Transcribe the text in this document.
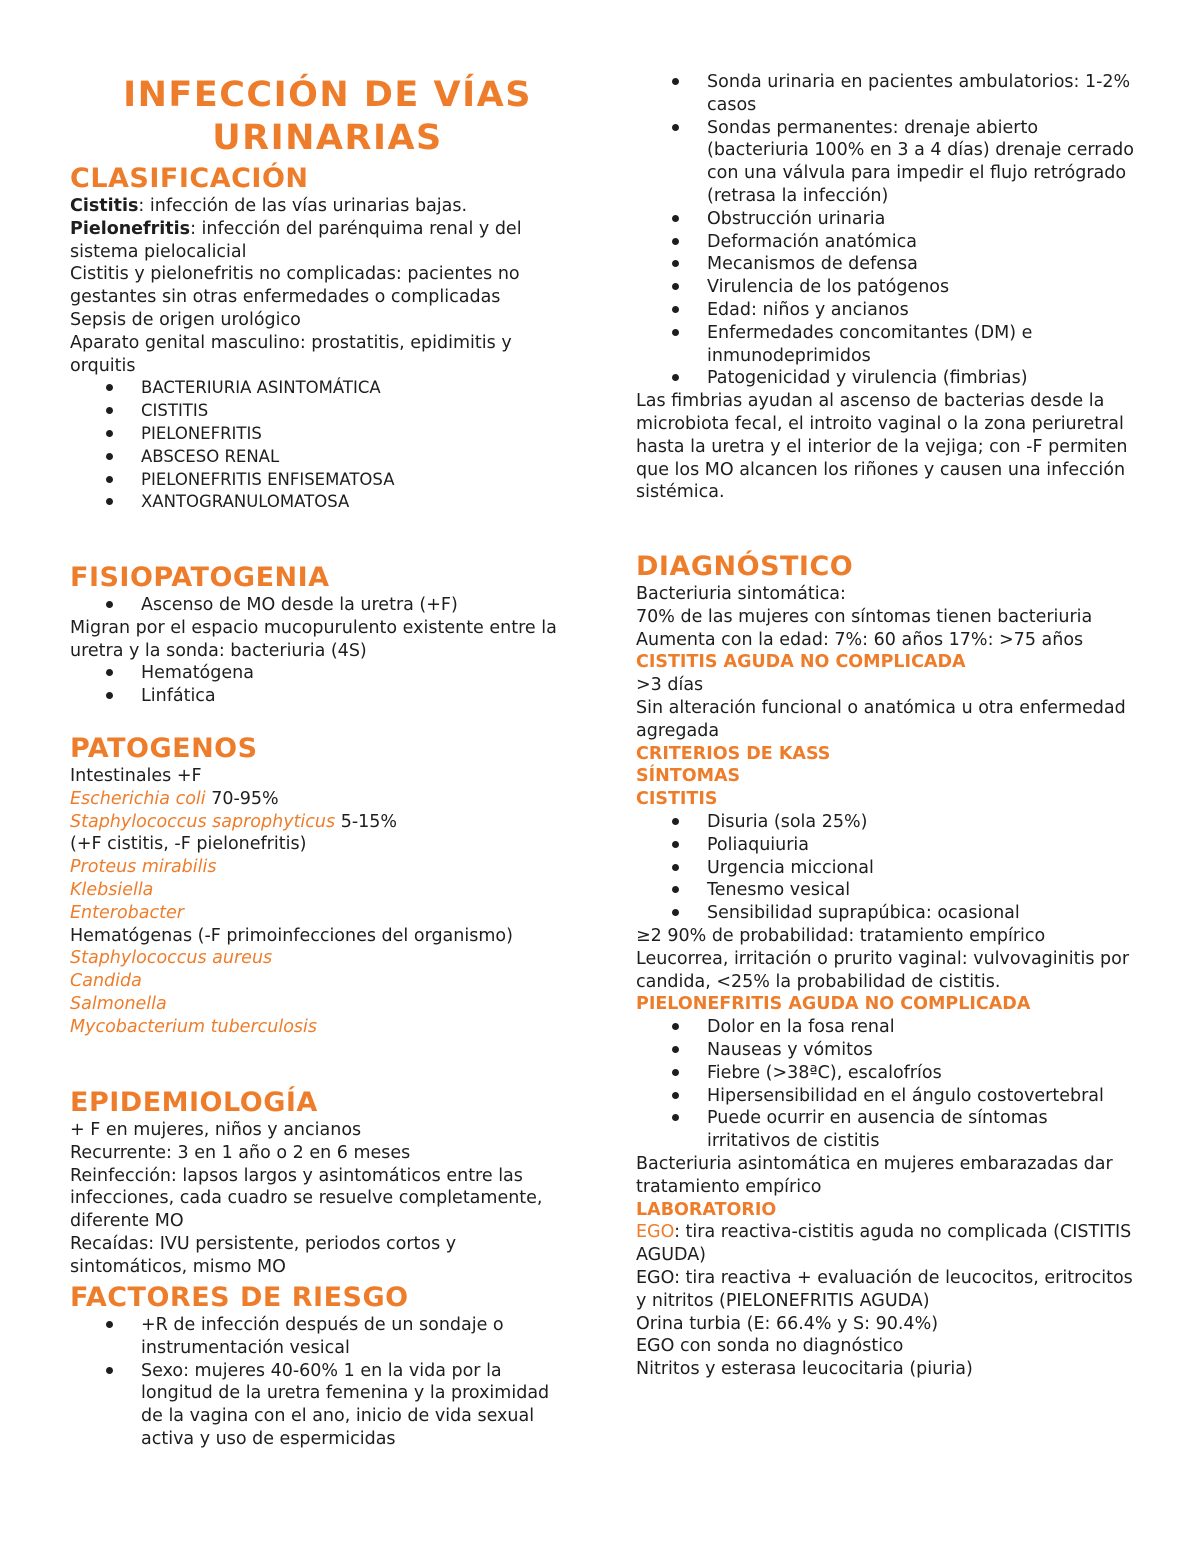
INFECCIÓN DE VÍAS URINARIAS
CLASIFICACIÓN
Cistitis: infección de las vías urinarias bajas.
Pielonefritis: infección del parénquima renal y del sistema pielocalicial
Cistitis y pielonefritis no complicadas: pacientes no gestantes sin otras enfermedades o complicadas
Sepsis de origen urológico
Aparato genital masculino: prostatitis, epidimitis y orquitis
BACTERIURIA ASINTOMÁTICA
CISTITIS
PIELONEFRITIS
ABSCESO RENAL
PIELONEFRITIS ENFISEMATOSA
XANTOGRANULOMATOSA
FISIOPATOGENIA
Ascenso de MO desde la uretra (+F)
Migran por el espacio mucopurulento existente entre la uretra y la sonda: bacteriuria (4S)
Hematógena
Linfática
PATOGENOS
Intestinales +F
Escherichia coli 70-95%
Staphylococcus saprophyticus 5-15%
(+F cistitis, -F pielonefritis)
Proteus mirabilis
Klebsiella
Enterobacter
Hematógenas (-F primoinfecciones del organismo)
Staphylococcus aureus
Candida
Salmonella
Mycobacterium tuberculosis
EPIDEMIOLOGÍA
+ F en mujeres, niños y ancianos
Recurrente: 3 en 1 año o 2 en 6 meses
Reinfección: lapsos largos y asintomáticos entre las infecciones, cada cuadro se resuelve completamente, diferente MO
Recaídas: IVU persistente, periodos cortos y sintomáticos, mismo MO
FACTORES DE RIESGO
+R de infección después de un sondaje o instrumentación vesical
Sexo: mujeres 40-60% 1 en la vida por la longitud de la uretra femenina y la proximidad de la vagina con el ano, inicio de vida sexual activa y uso de espermicidas
Sonda urinaria en pacientes ambulatorios: 1-2% casos
Sondas permanentes: drenaje abierto (bacteriuria 100% en 3 a 4 días) drenaje cerrado con una válvula para impedir el flujo retrógrado (retrasa la infección)
Obstrucción urinaria
Deformación anatómica
Mecanismos de defensa
Virulencia de los patógenos
Edad: niños y ancianos
Enfermedades concomitantes (DM) e inmunodeprimidos
Patogenicidad y virulencia (fimbrias)
Las fimbrias ayudan al ascenso de bacterias desde la microbiota fecal, el introito vaginal o la zona periuretral hasta la uretra y el interior de la vejiga; con -F permiten que los MO alcancen los riñones y causen una infección sistémica.
DIAGNÓSTICO
Bacteriuria sintomática:
70% de las mujeres con síntomas tienen bacteriuria
Aumenta con la edad: 7%: 60 años 17%: >75 años
CISTITIS AGUDA NO COMPLICADA
>3 días
Sin alteración funcional o anatómica u otra enfermedad agregada
CRITERIOS DE KASS
SÍNTOMAS
CISTITIS
Disuria (sola 25%)
Poliaquiuria
Urgencia miccional
Tenesmo vesical
Sensibilidad suprapúbica: ocasional
≥2 90% de probabilidad: tratamiento empírico
Leucorrea, irritación o prurito vaginal: vulvovaginitis por candida, <25% la probabilidad de cistitis.
PIELONEFRITIS AGUDA NO COMPLICADA
Dolor en la fosa renal
Nauseas y vómitos
Fiebre (>38ªC), escalofríos
Hipersensibilidad en el ángulo costovertebral
Puede ocurrir en ausencia de síntomas irritativos de cistitis
Bacteriuria asintomática en mujeres embarazadas dar tratamiento empírico
LABORATORIO
EGO: tira reactiva-cistitis aguda no complicada (CISTITIS AGUDA)
EGO: tira reactiva + evaluación de leucocitos, eritrocitos y nitritos (PIELONEFRITIS AGUDA)
Orina turbia (E: 66.4% y S: 90.4%)
EGO con sonda no diagnóstico
Nitritos y esterasa leucocitaria (piuria)
